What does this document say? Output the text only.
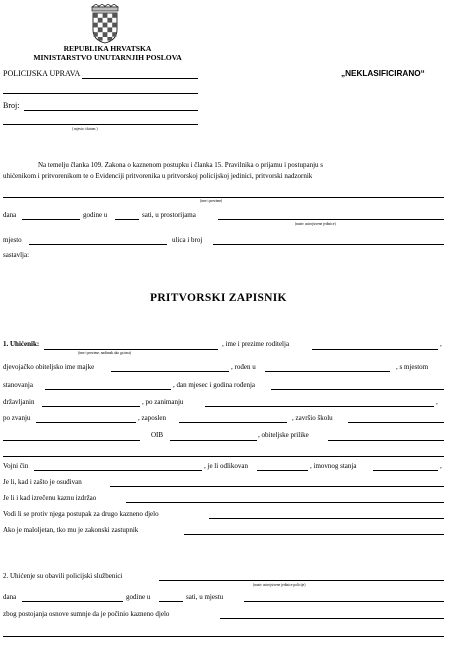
REPUBLIKA HRVATSKA
MINISTARSTVO UNUTARNJIH POSLOVA
POLICIJSKA UPRAVA
Broj:
( mjesto i datum )
„NEKLASIFICIRANO“
Na temelju članka 109. Zakona o kaznenom postupku i članka 15. Pravilnika o prijamu i postupanju s
uhićenikom i pritvorenikom te o Evidenciji pritvorenika u pritvorskoj policijskoj jedinici, pritvorski nadzornik
(ime i prezime)
dana	godine u	sati, u prostorijama
(naziv ustrojstvene jedinice)
mjesto	ulica i broj
sastavlja:
PRITVORSKI ZAPISNIK
1. Uhićenik:
(ime i prezime, nadimak ako ga ima)
, ime i prezime roditelja	,
djevojačko obiteljsko ime majke	, rođen u	, s mjestom
stanovanja	, dan mjesec i godina rođenja
državljanin	, po zanimanju	,
po zvanju	, zaposlen	, završio školu
OIB	, obiteljske prilike
Vojni čin	, je li odlikovan	, imovnog stanja	,
Je li, kad i zašto je osuđivan
Je li i kad izrečenu kaznu izdržao
Vodi li se protiv njega postupak za drugo kazneno djelo
Ako je maloljetan, tko mu je zakonski zastupnik
2. Uhićenje su obavili policijski službenici
(naziv ustrojstvene jedinice policije)
dana	godine u	sati, u mjestu
zbog postojanja osnove sumnje da je počinio kazneno djelo
